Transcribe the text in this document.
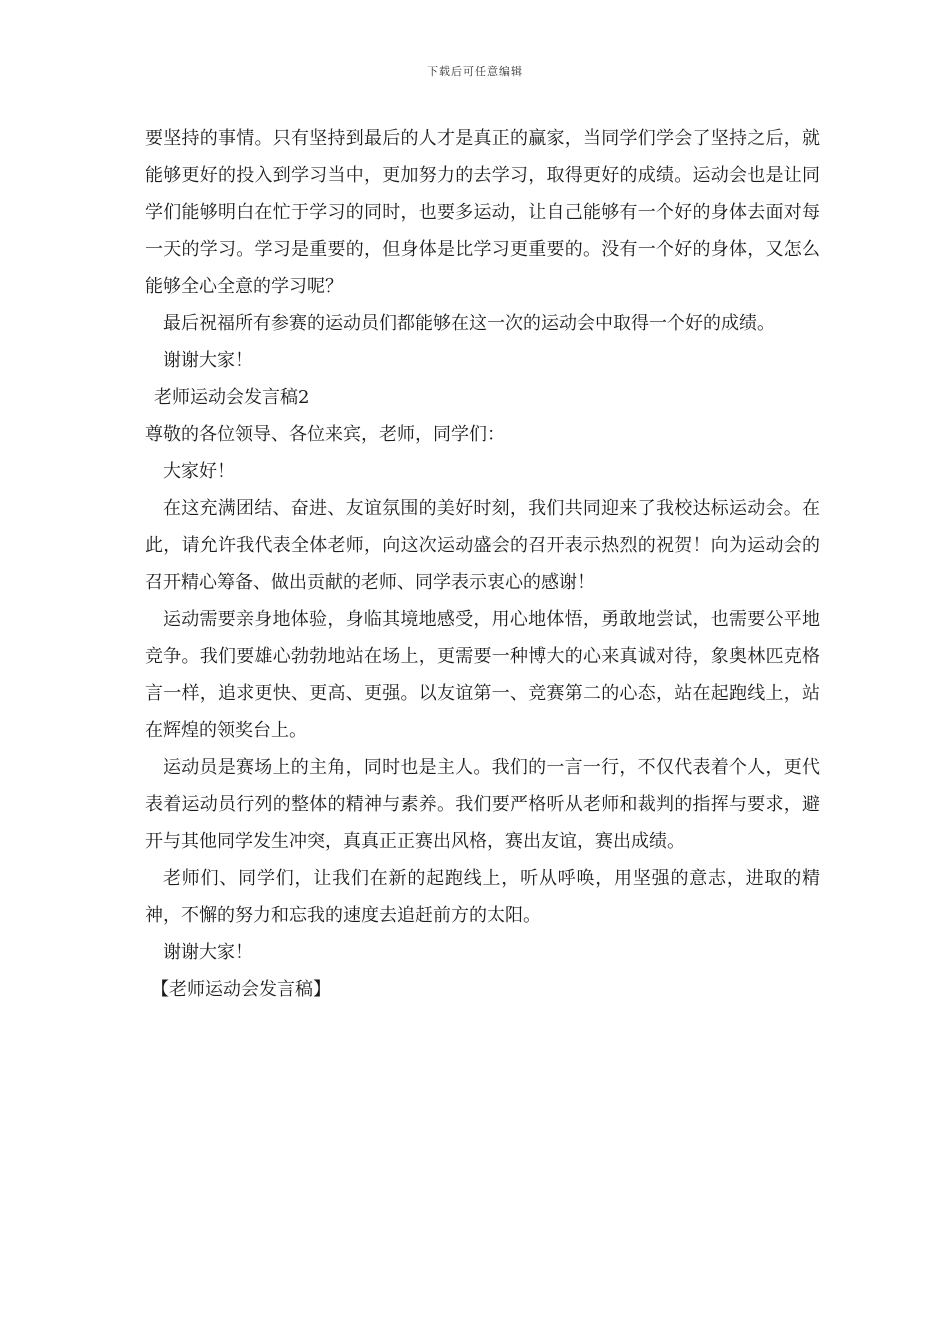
下载后可任意编辑

要坚持的事情。只有坚持到最后的人才是真正的赢家，当同学们学会了坚持之后，就能够更好的投入到学习当中，更加努力的去学习，取得更好的成绩。运动会也是让同学们能够明白在忙于学习的同时，也要多运动，让自己能够有一个好的身体去面对每一天的学习。学习是重要的，但身体是比学习更重要的。没有一个好的身体，又怎么能够全心全意的学习呢？

最后祝福所有参赛的运动员们都能够在这一次的运动会中取得一个好的成绩。

谢谢大家！

老师运动会发言稿2

尊敬的各位领导、各位来宾，老师，同学们：

大家好！

在这充满团结、奋进、友谊氛围的美好时刻，我们共同迎来了我校达标运动会。在此，请允许我代表全体老师，向这次运动盛会的召开表示热烈的祝贺！向为运动会的召开精心筹备、做出贡献的老师、同学表示衷心的感谢！

运动需要亲身地体验，身临其境地感受，用心地体悟，勇敢地尝试，也需要公平地竞争。我们要雄心勃勃地站在场上，更需要一种博大的心来真诚对待，象奥林匹克格言一样，追求更快、更高、更强。以友谊第一、竞赛第二的心态，站在起跑线上，站在辉煌的领奖台上。

运动员是赛场上的主角，同时也是主人。我们的一言一行，不仅代表着个人，更代表着运动员行列的整体的精神与素养。我们要严格听从老师和裁判的指挥与要求，避开与其他同学发生冲突，真真正正赛出风格，赛出友谊，赛出成绩。

老师们、同学们，让我们在新的起跑线上，听从呼唤，用坚强的意志，进取的精神，不懈的努力和忘我的速度去追赶前方的太阳。

谢谢大家！

【老师运动会发言稿】
